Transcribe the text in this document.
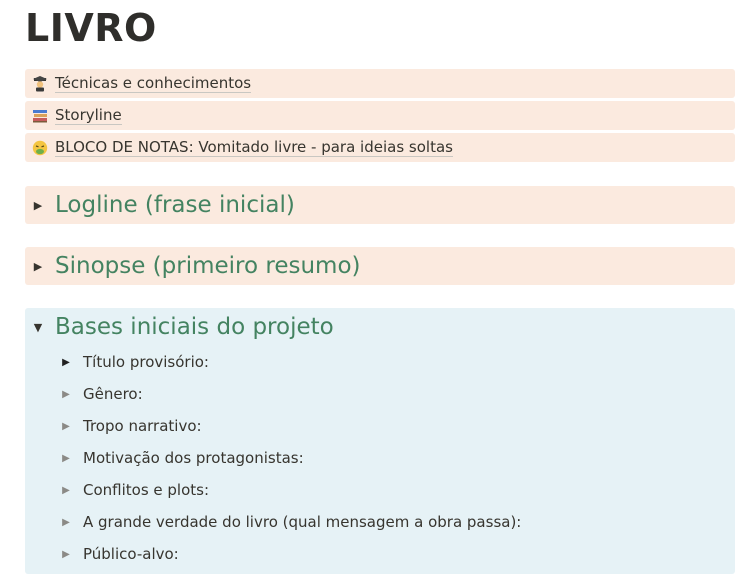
LIVRO
Técnicas e conhecimentos
Storyline
BLOCO DE NOTAS: Vomitado livre - para ideias soltas
▶ Logline (frase inicial)
▶ Sinopse (primeiro resumo)
▼ Bases iniciais do projeto
▶ Título provisório:
▶ Gênero:
▶ Tropo narrativo:
▶ Motivação dos protagonistas:
▶ Conflitos e plots:
▶ A grande verdade do livro (qual mensagem a obra passa):
▶ Público-alvo:
